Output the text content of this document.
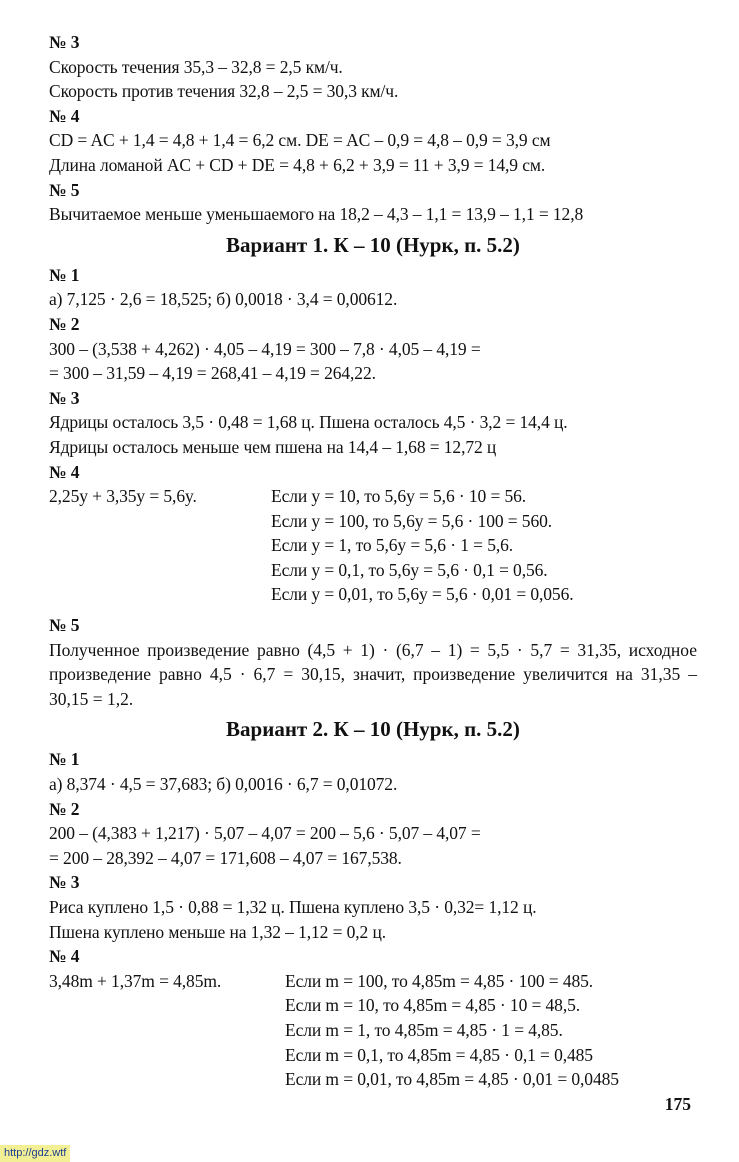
№ 3
Скорость течения 35,3 – 32,8 = 2,5 км/ч.
Скорость против течения 32,8 – 2,5 = 30,3 км/ч.
№ 4
CD = AC + 1,4 = 4,8 + 1,4 = 6,2 см. DE = AC – 0,9 = 4,8 – 0,9 = 3,9 см
Длина ломаной AC + CD + DE = 4,8 + 6,2 + 3,9 = 11 + 3,9 = 14,9 см.
№ 5
Вычитаемое меньше уменьшаемого на 18,2 – 4,3 – 1,1 = 13,9 – 1,1 = 12,8
Вариант 1. К – 10 (Нурк, п. 5.2)
№ 1
а) 7,125 · 2,6 = 18,525; б) 0,0018 · 3,4 = 0,00612.
№ 2
300 – (3,538 + 4,262) · 4,05 – 4,19 = 300 – 7,8 · 4,05 – 4,19 =
= 300 – 31,59 – 4,19 = 268,41 – 4,19 = 264,22.
№ 3
Ядрицы осталось 3,5 · 0,48 = 1,68 ц. Пшена осталось 4,5 · 3,2 = 14,4 ц.
Ядрицы осталось меньше чем пшена на 14,4 – 1,68 = 12,72 ц
№ 4
2,25y + 3,35y = 5,6y.	Если y = 10, то 5,6y = 5,6 · 10 = 56.
Если y = 100, то 5,6y = 5,6 · 100 = 560.
Если y = 1, то 5,6y = 5,6 · 1 = 5,6.
Если y = 0,1, то 5,6y = 5,6 · 0,1 = 0,56.
Если y = 0,01, то 5,6y = 5,6 · 0,01 = 0,056.
№ 5
Полученное произведение равно (4,5 + 1) · (6,7 – 1) = 5,5 · 5,7 = 31,35, исходное произведение равно 4,5 · 6,7 = 30,15, значит, произведение увеличится на 31,35 – 30,15 = 1,2.
Вариант 2. К – 10 (Нурк, п. 5.2)
№ 1
а) 8,374 · 4,5 = 37,683; б) 0,0016 · 6,7 = 0,01072.
№ 2
200 – (4,383 + 1,217) · 5,07 – 4,07 = 200 – 5,6 · 5,07 – 4,07 =
= 200 – 28,392 – 4,07 = 171,608 – 4,07 = 167,538.
№ 3
Риса куплено 1,5 · 0,88 = 1,32 ц. Пшена куплено 3,5 · 0,32= 1,12 ц.
Пшена куплено меньше на 1,32 – 1,12 = 0,2 ц.
№ 4
3,48m + 1,37m = 4,85m.	Если m = 100, то 4,85m = 4,85 · 100 = 485.
Если m = 10, то 4,85m = 4,85 · 10 = 48,5.
Если m = 1, то 4,85m = 4,85 · 1 = 4,85.
Если m = 0,1, то 4,85m = 4,85 · 0,1 = 0,485
Если m = 0,01, то 4,85m = 4,85 · 0,01 = 0,0485
175
http://gdz.wtf
